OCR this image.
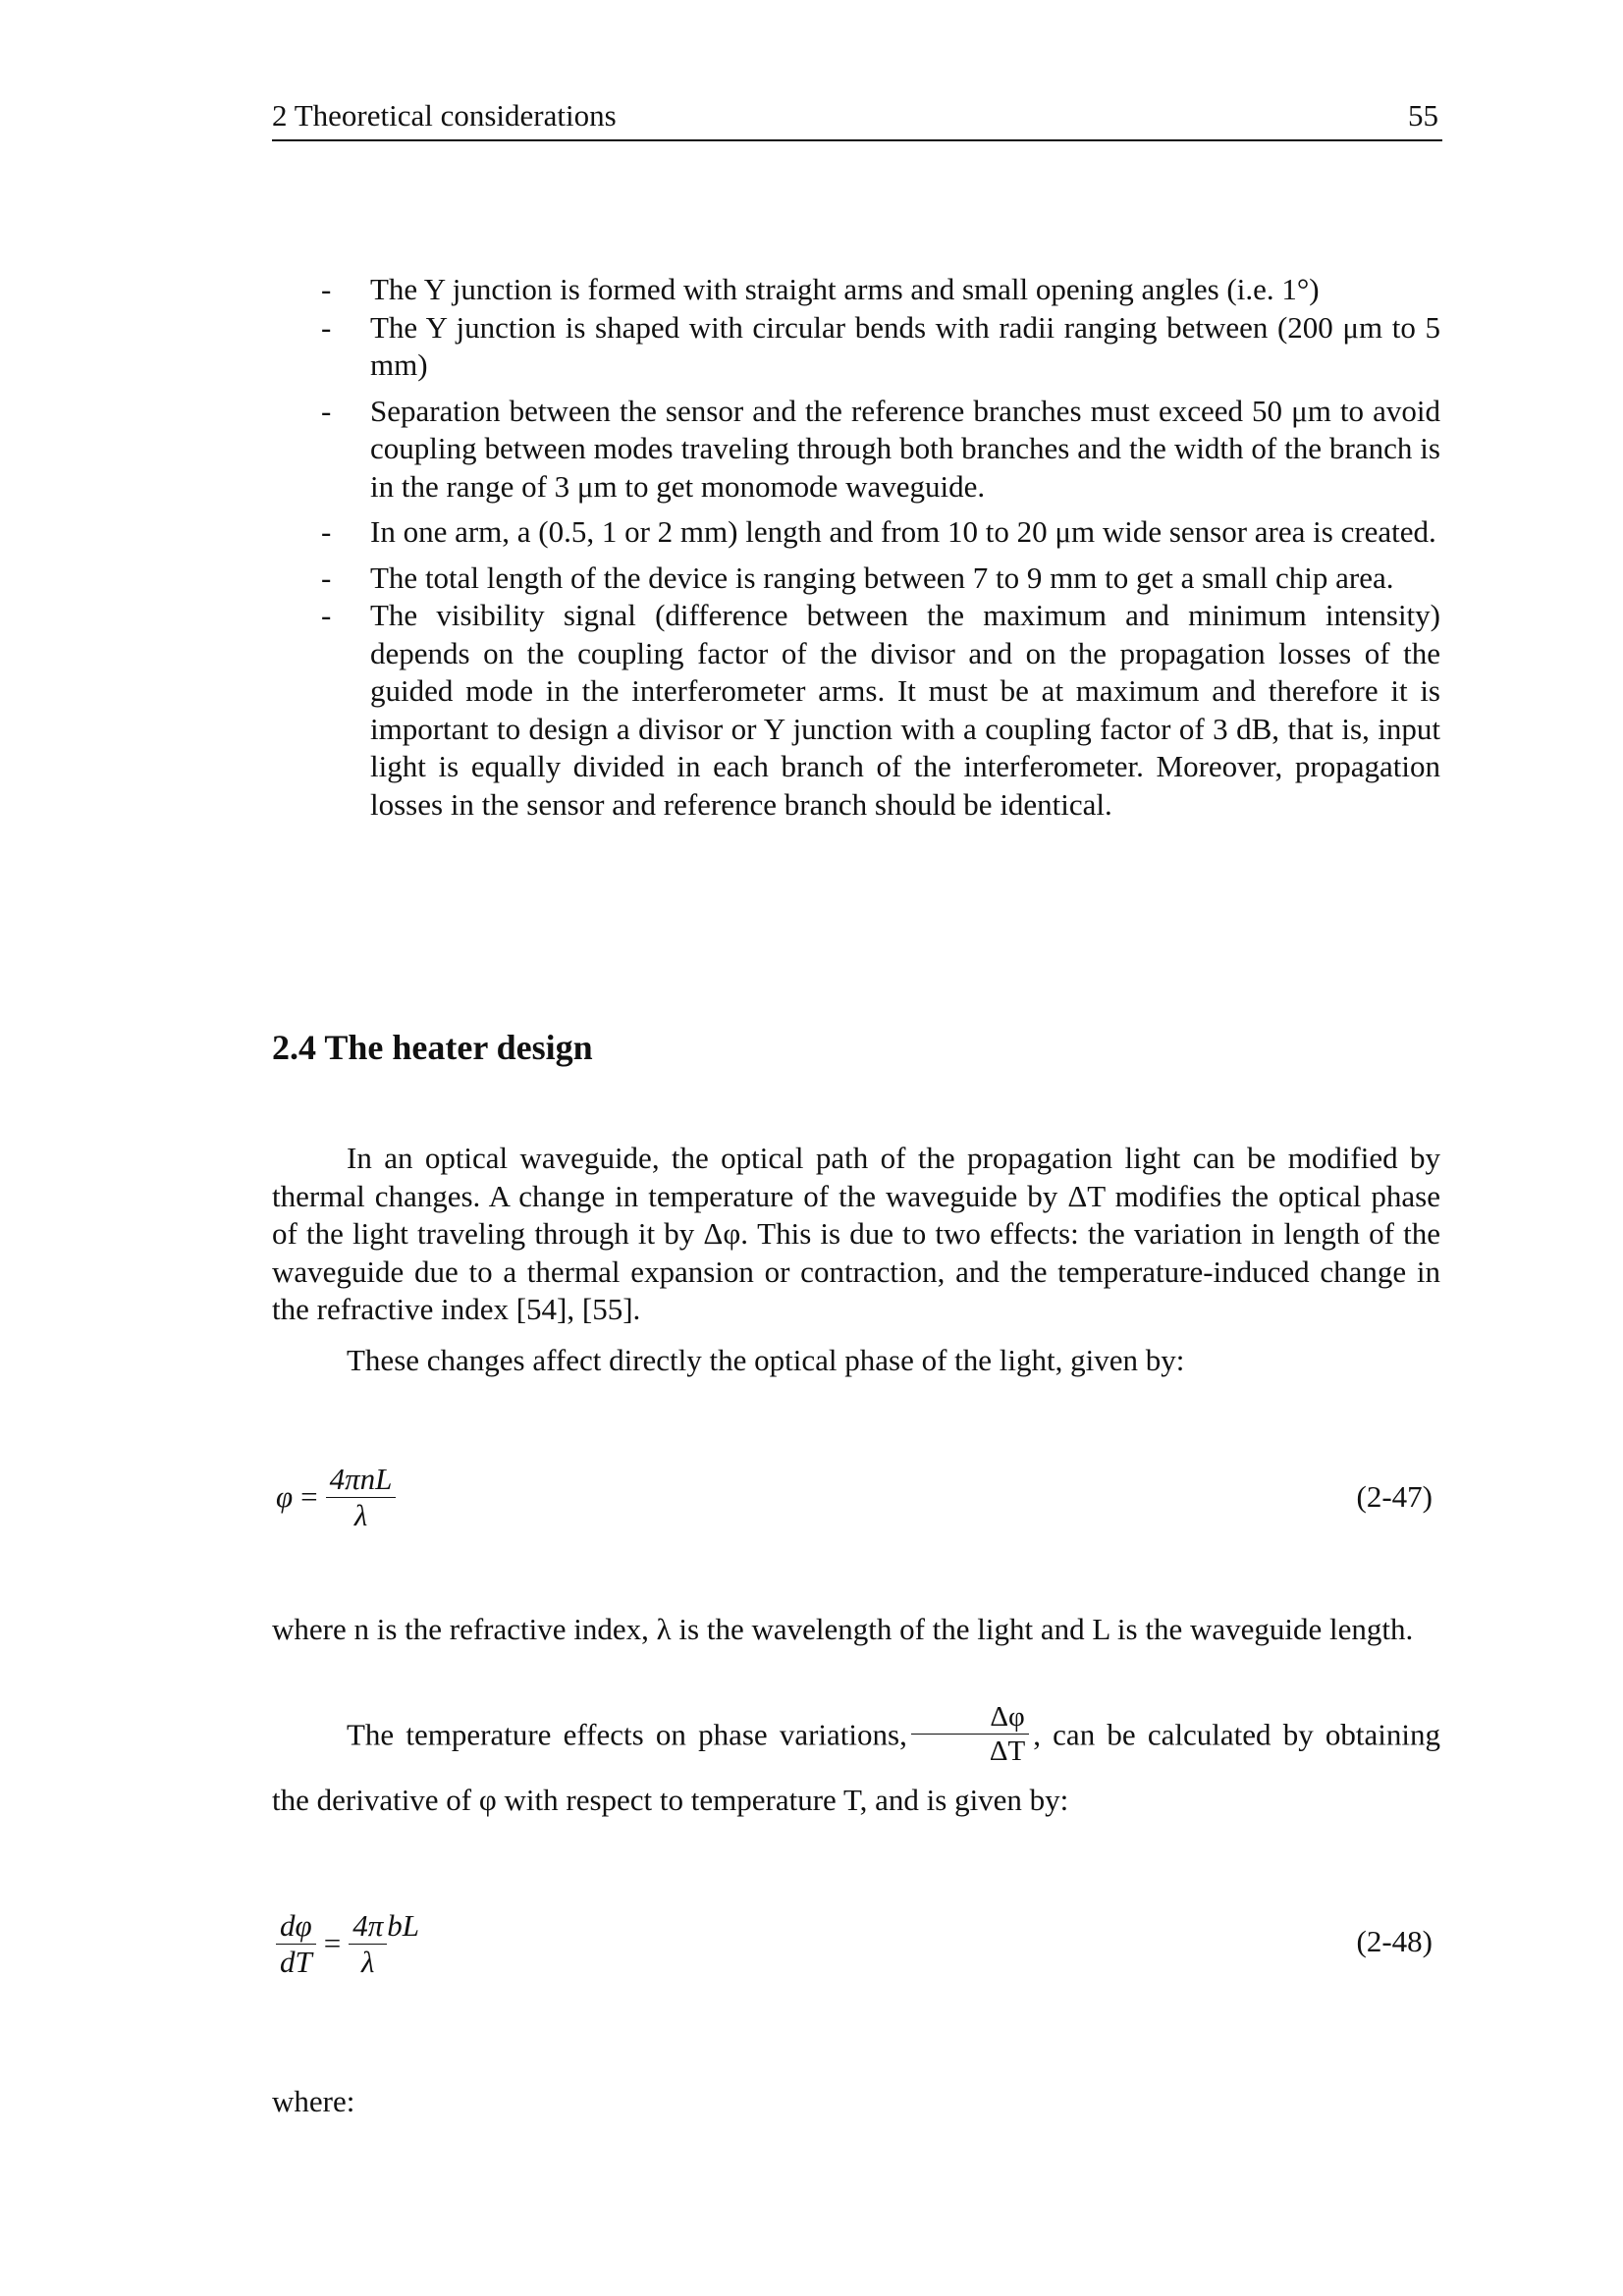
2 Theoretical considerations	55
- The Y junction is formed with straight arms and small opening angles (i.e. 1°)
- The Y junction is shaped with circular bends with radii ranging between (200 μm to 5 mm)
- Separation between the sensor and the reference branches must exceed 50 μm to avoid coupling between modes traveling through both branches and the width of the branch is in the range of 3 μm to get monomode waveguide.
- In one arm, a (0.5, 1 or 2 mm) length and from 10 to 20 μm wide sensor area is created.
- The total length of the device is ranging between 7 to 9 mm to get a small chip area.
- The visibility signal (difference between the maximum and minimum intensity) depends on the coupling factor of the divisor and on the propagation losses of the guided mode in the interferometer arms. It must be at maximum and therefore it is important to design a divisor or Y junction with a coupling factor of 3 dB, that is, input light is equally divided in each branch of the interferometer. Moreover, propagation losses in the sensor and reference branch should be identical.
2.4 The heater design

In an optical waveguide, the optical path of the propagation light can be modified by thermal changes. A change in temperature of the waveguide by ΔT modifies the optical phase of the light traveling through it by Δφ. This is due to two effects: the variation in length of the waveguide due to a thermal expansion or contraction, and the temperature-induced change in the refractive index [54], [55].

These changes affect directly the optical phase of the light, given by:

$\varphi = \frac{\text{4πnL}}{\lambda}$	(2-47)

where n is the refractive index, λ is the wavelength of the light and L is the waveguide length.

The temperature effects on phase variations, $\frac{\Delta\varphi}{\Delta T}$ , can be calculated by obtaining the derivative of φ with respect to temperature T, and is given by:

$\frac{d\varphi}{dT} = \frac{4\pi}{\lambda}$ bL	(2-48)

where:
